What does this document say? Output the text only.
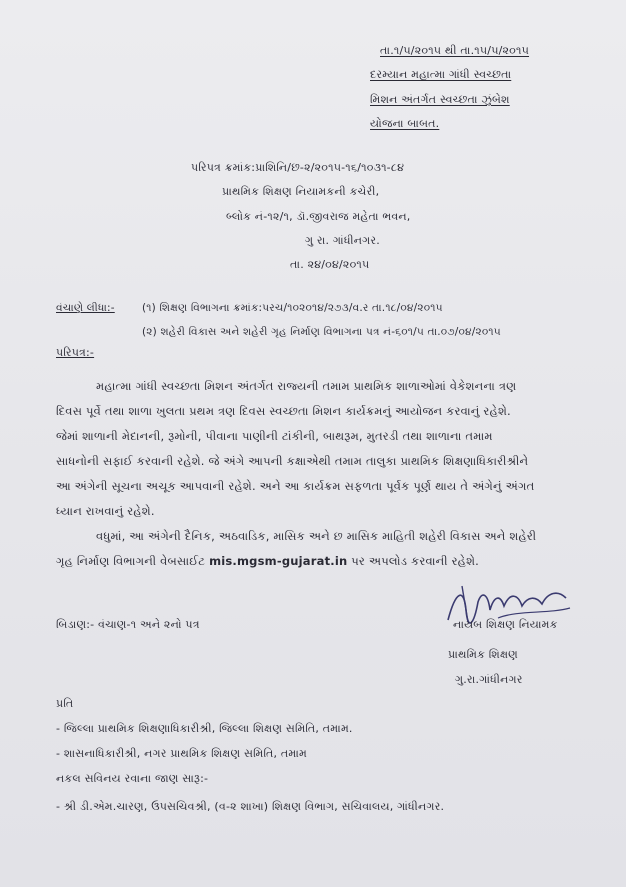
તા.૧/૫/૨૦૧૫ થી તા.૧૫/૫/૨૦૧૫
દરમ્યાન મહાત્મા ગાંધી સ્વચ્છતા
મિશન અંતર્ગત સ્વચ્છતા ઝુંબેશ
યોજના બાબત.
પરિપત્ર ક્રમાંક:પ્રાશિનિ/છ-૨/૨૦૧૫-૧૬/૧૦૩૧-૮૪
પ્રાથમિક શિક્ષણ નિયામકની કચેરી,
બ્લોક નં-૧૨/૧, ડૉ.જીવરાજ મહેતા ભવન,
ગુ રા. ગાંધીનગર.
તા. ૨૪/૦૪/૨૦૧૫
વંચાણે લીધા:-	(૧) શિક્ષણ વિભાગના ક્રમાંક:પરચ/૧૦૨૦૧૪/૨૭૩/વ.ર તા.૧૮/૦૪/૨૦૧૫
(૨) શહેરી વિકાસ અને શહેરી ગૃહ નિર્માણ વિભાગના પત્ર નં-૬૦૧/૫ તા.૦૭/૦૪/૨૦૧૫
પરિપત્ર:-
મહાત્મા ગાંધી સ્વચ્છતા મિશન અંતર્ગત રાજ્યની તમામ પ્રાથમિક શાળાઓમાં વેકેશનના ત્રણ
દિવસ પૂર્વે તથા શાળા ખુલતા પ્રથમ ત્રણ દિવસ સ્વચ્છતા મિશન કાર્યક્રમનું આયોજન કરવાનું રહેશે.
જેમાં શાળાની મેદાનની, રૂમોની, પીવાના પાણીની ટાંકીની, બાથરૂમ, મુતરડી તથા શાળાના તમામ
સાધનોની સફાઈ કરવાની રહેશે. જે અંગે આપની કક્ષાએથી તમામ તાલુકા પ્રાથમિક શિક્ષણાધિકારીશ્રીને
આ અંગેની સૂચના અચૂક આપવાની રહેશે. અને આ કાર્યક્રમ સફળતા પૂર્વક પૂર્ણ થાય તે અંગેનું અંગત
ધ્યાન રાખવાનું રહેશે.
વધુમાં, આ અંગેની દૈનિક, અઠવાડિક, માસિક અને છ માસિક માહિતી શહેરી વિકાસ અને શહેરી
ગૃહ નિર્માણ વિભાગની વેબસાઈટ mis.mgsm-gujarat.in પર અપલોડ કરવાની રહેશે.
બિડાણ:- વંચાણ-૧ અને ૨નો પત્ર	નાયબ શિક્ષણ નિયામક
પ્રાથમિક શિક્ષણ
ગુ.રા.ગાંધીનગર
પ્રતિ
- જિલ્લા પ્રાથમિક શિક્ષણાધિકારીશ્રી, જિલ્લા શિક્ષણ સમિતિ, તમામ.
- શાસનાધિકારીશ્રી, નગર પ્રાથમિક શિક્ષણ સમિતિ, તમામ
નકલ સવિનય રવાના જાણ સારૂ:-
- શ્રી ડી.એમ.ચારણ, ઉપસચિવશ્રી, (વ-૨ શાખા) શિક્ષણ વિભાગ, સચિવાલય, ગાંધીનગર.
